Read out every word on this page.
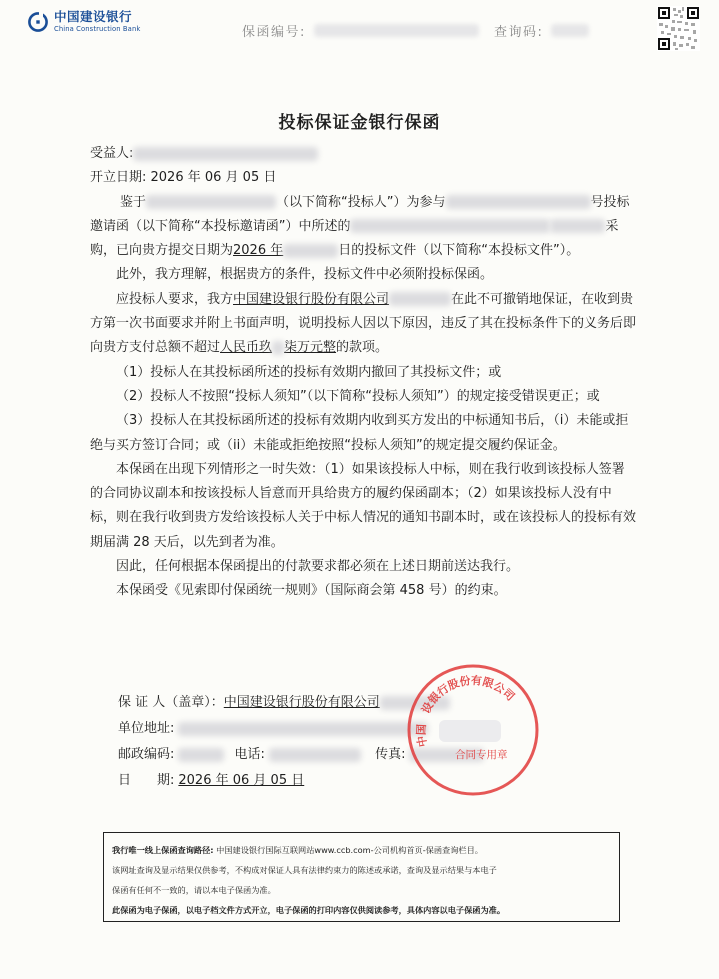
中国建设银行
China Construction Bank	保函编号:	查询码:
投标保证金银行保函

受益人:

开立日期: 2026 年 06 月 05 日

鉴于	（以下简称“投标人”）为参与	号投标邀请函（以下简称“本投标邀请函”）中所述的	采购，已向贵方提交日期为2026 年	日的投标文件（以下简称“本投标文件”）。

此外，我方理解，根据贵方的条件，投标文件中必须附投标保函。

应投标人要求，我方中国建设银行股份有限公司	在此不可撤销地保证，在收到贵方第一次书面要求并附上书面声明，说明投标人因以下原因，违反了其在投标条件下的义务后即向贵方支付总额不超过人民币玖 柒万元整的款项。

（1）投标人在其投标函所述的投标有效期内撤回了其投标文件；或

（2）投标人不按照“投标人须知”（以下简称“投标人须知”）的规定接受错误更正；或

（3）投标人在其投标函所述的投标有效期内收到买方发出的中标通知书后，（i）未能或拒绝与买方签订合同；或（ii）未能或拒绝按照“投标人须知”的规定提交履约保证金。

本保函在出现下列情形之一时失效：（1）如果该投标人中标，则在我行收到该投标人签署的合同协议副本和按该投标人旨意而开具给贵方的履约保函副本；（2）如果该投标人没有中标，则在我行收到贵方发给该投标人关于中标人情况的通知书副本时，或在该投标人的投标有效期届满 28 天后，以先到者为准。

因此，任何根据本保函提出的付款要求都必须在上述日期前送达我行。

本保函受《见索即付保函统一规则》（国际商会第 458 号）的约束。

保 证 人（盖章）：中国建设银行股份有限公司
单位地址:
邮政编码:	电话:	传真:
日　　期: 2026 年 06 月 05 日
中国设银行股份有限公司
合同专用章
我行唯一线上保函查询路径: 中国建设银行国际互联网站www.ccb.com-公司机构首页-保函查询栏目。
该网址查询及显示结果仅供参考，不构成对保证人具有法律约束力的陈述或承诺，查询及显示结果与本电子
保函有任何不一致的，请以本电子保函为准。
此保函为电子保函，以电子档文件方式开立，电子保函的打印内容仅供阅读参考，具体内容以电子保函为准。
